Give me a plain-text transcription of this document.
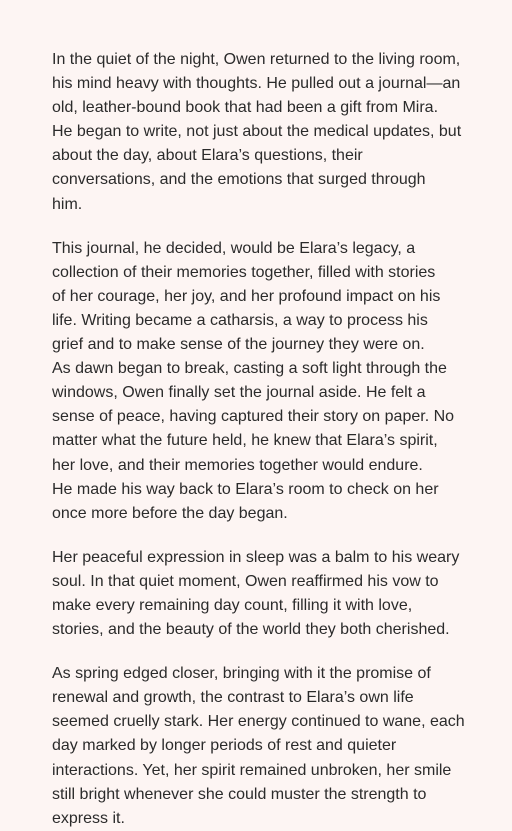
In the quiet of the night, Owen returned to the living room,
his mind heavy with thoughts. He pulled out a journal—an
old, leather-bound book that had been a gift from Mira.
He began to write, not just about the medical updates, but
about the day, about Elara’s questions, their
conversations, and the emotions that surged through
him.
This journal, he decided, would be Elara’s legacy, a
collection of their memories together, filled with stories
of her courage, her joy, and her profound impact on his
life. Writing became a catharsis, a way to process his
grief and to make sense of the journey they were on.
As dawn began to break, casting a soft light through the
windows, Owen finally set the journal aside. He felt a
sense of peace, having captured their story on paper. No
matter what the future held, he knew that Elara’s spirit,
her love, and their memories together would endure.
He made his way back to Elara’s room to check on her
once more before the day began.
Her peaceful expression in sleep was a balm to his weary
soul. In that quiet moment, Owen reaffirmed his vow to
make every remaining day count, filling it with love,
stories, and the beauty of the world they both cherished.
As spring edged closer, bringing with it the promise of
renewal and growth, the contrast to Elara’s own life
seemed cruelly stark. Her energy continued to wane, each
day marked by longer periods of rest and quieter
interactions. Yet, her spirit remained unbroken, her smile
still bright whenever she could muster the strength to
express it.
